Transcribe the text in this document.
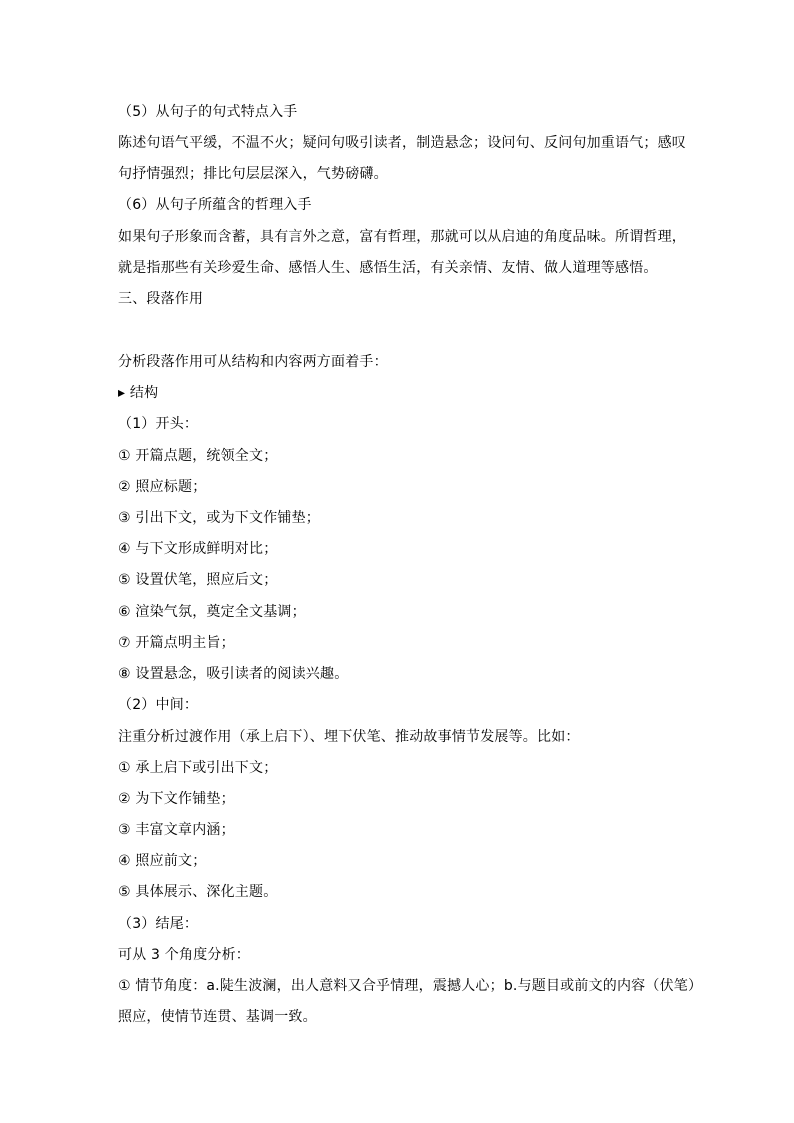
（5）从句子的句式特点入手
陈述句语气平缓，不温不火；疑问句吸引读者，制造悬念；设问句、反问句加重语气；感叹
句抒情强烈；排比句层层深入，气势磅礴。
（6）从句子所蕴含的哲理入手
如果句子形象而含蓄，具有言外之意，富有哲理，那就可以从启迪的角度品味。所谓哲理，
就是指那些有关珍爱生命、感悟人生、感悟生活，有关亲情、友情、做人道理等感悟。
三、段落作用
分析段落作用可从结构和内容两方面着手：
▸ 结构
（1）开头：
① 开篇点题，统领全文；
② 照应标题；
③ 引出下文，或为下文作铺垫；
④ 与下文形成鲜明对比；
⑤ 设置伏笔，照应后文；
⑥ 渲染气氛，奠定全文基调；
⑦ 开篇点明主旨；
⑧ 设置悬念，吸引读者的阅读兴趣。
（2）中间：
注重分析过渡作用（承上启下）、埋下伏笔、推动故事情节发展等。比如：
① 承上启下或引出下文；
② 为下文作铺垫；
③ 丰富文章内涵；
④ 照应前文；
⑤ 具体展示、深化主题。
（3）结尾：
可从 3 个角度分析：
① 情节角度：a.陡生波澜，出人意料又合乎情理，震撼人心；b.与题目或前文的内容（伏笔）
照应，使情节连贯、基调一致。
